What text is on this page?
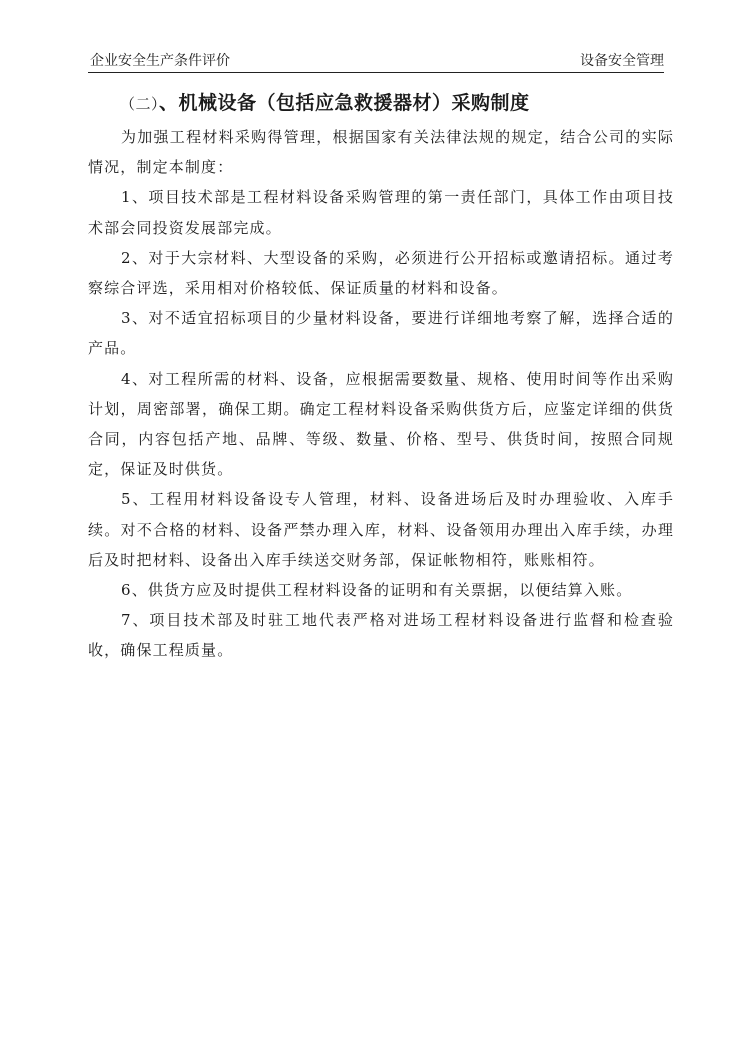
企业安全生产条件评价	设备安全管理
（二）、机械设备（包括应急救援器材）采购制度

为加强工程材料采购得管理，根据国家有关法律法规的规定，结合公司的实际情况，制定本制度：

1、项目技术部是工程材料设备采购管理的第一责任部门，具体工作由项目技术部会同投资发展部完成。

2、对于大宗材料、大型设备的采购，必须进行公开招标或邀请招标。通过考察综合评选，采用相对价格较低、保证质量的材料和设备。

3、对不适宜招标项目的少量材料设备，要进行详细地考察了解，选择合适的产品。

4、对工程所需的材料、设备，应根据需要数量、规格、使用时间等作出采购计划，周密部署，确保工期。确定工程材料设备采购供货方后，应鉴定详细的供货合同，内容包括产地、品牌、等级、数量、价格、型号、供货时间，按照合同规定，保证及时供货。

5、工程用材料设备设专人管理，材料、设备进场后及时办理验收、入库手续。对不合格的材料、设备严禁办理入库，材料、设备领用办理出入库手续，办理后及时把材料、设备出入库手续送交财务部，保证帐物相符，账账相符。

6、供货方应及时提供工程材料设备的证明和有关票据，以便结算入账。

7、项目技术部及时驻工地代表严格对进场工程材料设备进行监督和检查验收，确保工程质量。
